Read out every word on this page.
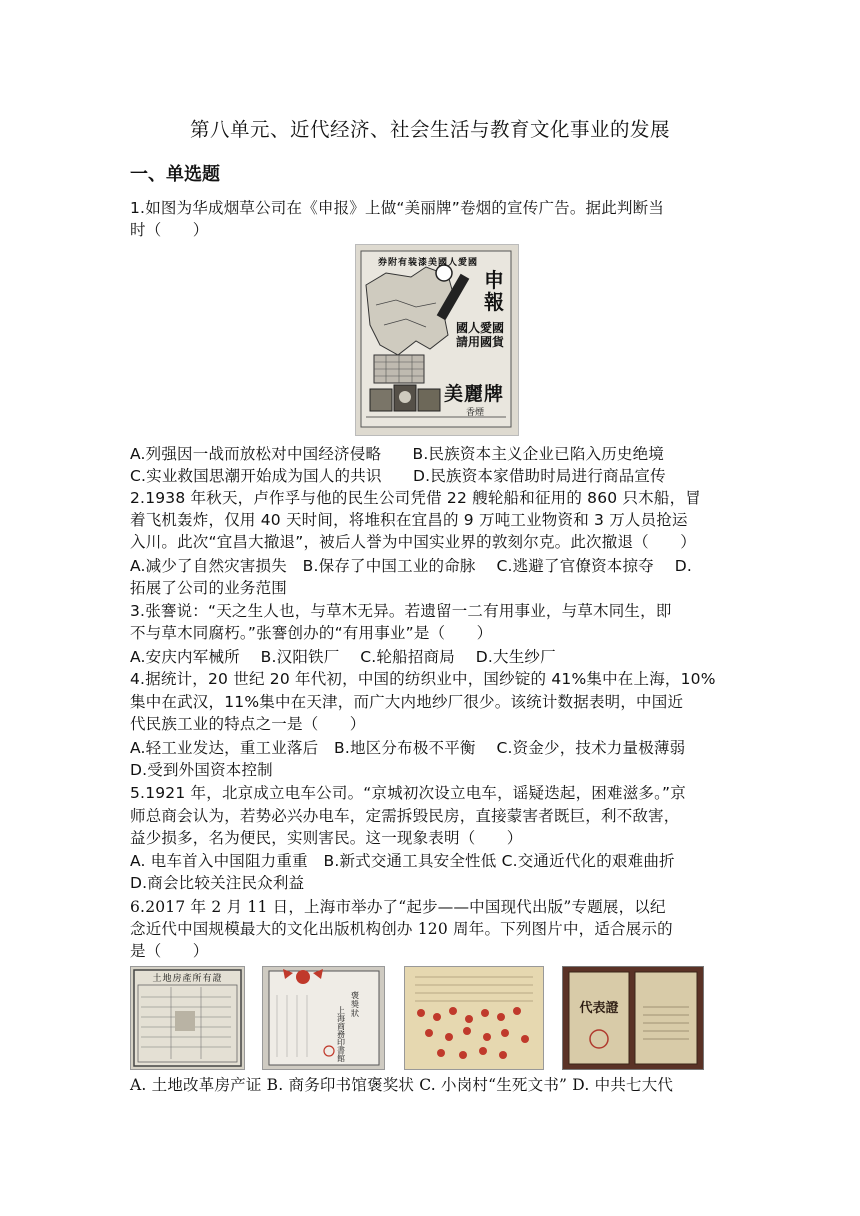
第八单元、近代经济、社会生活与教育文化事业的发展
一、单选题
1.如图为华成烟草公司在《申报》上做“美丽牌”卷烟的宣传广告。据此判断当
时（　　）
券附有装漆美國人愛國
申報
國人愛國 請用國貨
美麗牌
香煙
A.列强因一战而放松对中国经济侵略　　B.民族资本主义企业已陷入历史绝境
C.实业救国思潮开始成为国人的共识　　D.民族资本家借助时局进行商品宣传
2.1938 年秋天，卢作孚与他的民生公司凭借 22 艘轮船和征用的 860 只木船，冒
着飞机轰炸，仅用 40 天时间，将堆积在宜昌的 9 万吨工业物资和 3 万人员抢运
入川。此次“宜昌大撤退”，被后人誉为中国实业界的敦刻尔克。此次撤退（　　）
A.减少了自然灾害损失　B.保存了中国工业的命脉　 C.逃避了官僚资本掠夺　 D.
拓展了公司的业务范围
3.张謇说：“天之生人也，与草木无异。若遗留一二有用事业，与草木同生，即
不与草木同腐朽。”张謇创办的“有用事业”是（　　）
A.安庆内军械所　 B.汉阳铁厂　 C.轮船招商局　 D.大生纱厂
4.据统计，20 世纪 20 年代初，中国的纺织业中，国纱锭的 41%集中在上海，10%
集中在武汉，11%集中在天津，而广大内地纱厂很少。该统计数据表明，中国近
代民族工业的特点之一是（　　）
A.轻工业发达，重工业落后　B.地区分布极不平衡　 C.资金少，技术力量极薄弱
D.受到外国资本控制
5.1921 年，北京成立电车公司。“京城初次设立电车，谣疑迭起，困难滋多。”京
师总商会认为，若势必兴办电车，定需拆毁民房，直接蒙害者既巨，利不敌害，
益少损多，名为便民，实则害民。这一现象表明（　　）
A. 电车首入中国阻力重重　B.新式交通工具安全性低 C.交通近代化的艰难曲折
D.商会比较关注民众利益
6.2017 年 2 月 11 日，上海市举办了“起步——中国现代出版”专题展，以纪
念近代中国规模最大的文化出版机构创办 120 周年。下列图片中，适合展示的
是（　　）
土地房產所有證
褒獎狀
上海商務印書館
代表證
A. 土地改革房产证 B. 商务印书馆褒奖状 C. 小岗村“生死文书” D. 中共七大代
